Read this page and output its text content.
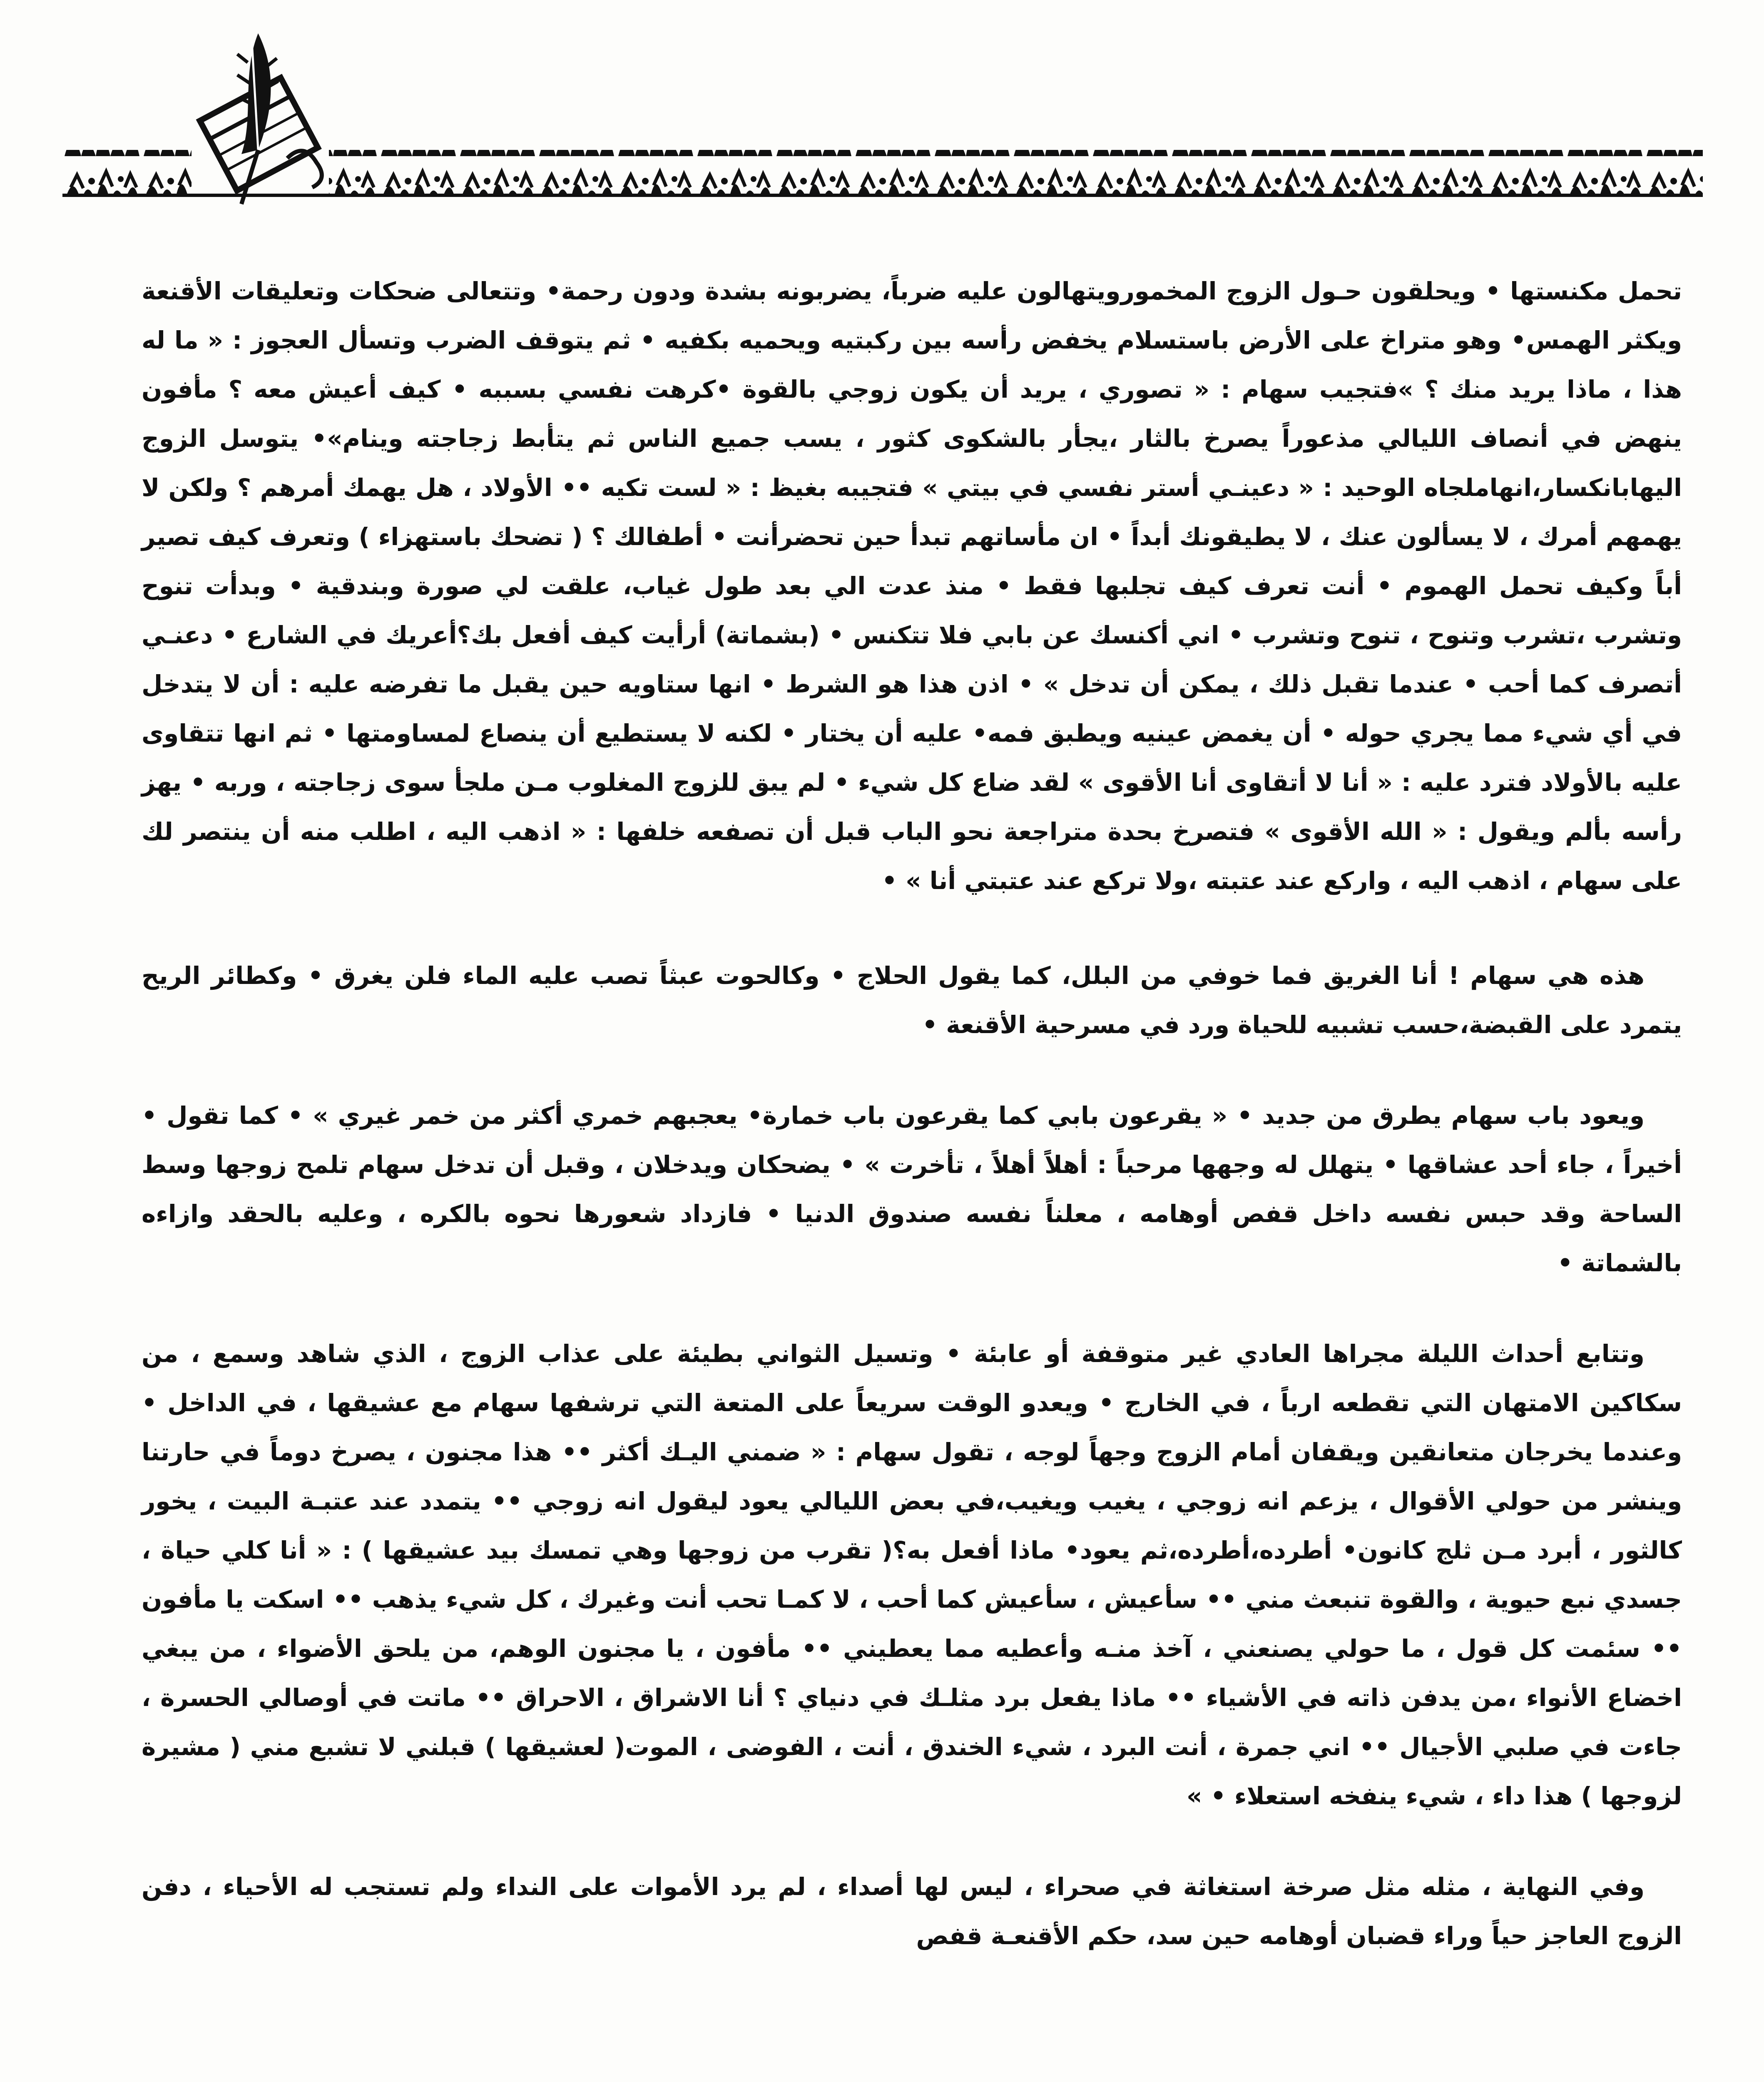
تحمل مكنستها • ويحلقون حـول الزوج المخمورويتهالون عليه ضرباً، يضربونه بشدة ودون رحمة• وتتعالى ضحكات وتعليقات الأقنعة ويكثر الهمس• وهو متراخ على الأرض باستسلام يخفض رأسه بين ركبتيه ويحميه بكفيه • ثم يتوقف الضرب وتسأل العجوز : « ما له هذا ، ماذا يريد منك ؟ »فتجيب سهام : « تصوري ، يريد أن يكون زوجي بالقوة •كرهت نفسي بسببه • كيف أعيش معه ؟ مأفون ينهض في أنصاف الليالي مذعوراً يصرخ بالثار ،يجأر بالشكوى كثور ، يسب جميع الناس ثم يتأبط زجاجته وينام»• يتوسل الزوج اليهابانكسار،انهاملجاه الوحيد : « دعينـي أستر نفسي في بيتي » فتجيبه بغيظ : « لست تكيه •• الأولاد ، هل يهمك أمرهم ؟ ولكن لا يهمهم أمرك ، لا يسألون عنك ، لا يطيقونك أبداً • ان مأساتهم تبدأ حين تحضرأنت • أطفالك ؟ ( تضحك باستهزاء ) وتعرف كيف تصير أباً وكيف تحمل الهموم • أنت تعرف كيف تجلبها فقط • منذ عدت الي بعد طول غياب، علقت لي صورة وبندقية • وبدأت تنوح وتشرب ،تشرب وتنوح ، تنوح وتشرب • اني أكنسك عن بابي فلا تتكنس • (بشماتة) أرأيت كيف أفعل بك؟أعريك في الشارع • دعنـي أتصرف كما أحب • عندما تقبل ذلك ، يمكن أن تدخل » • اذن هذا هو الشرط • انها ستاويه حين يقبل ما تفرضه عليه : أن لا يتدخل في أي شيء مما يجري حوله • أن يغمض عينيه ويطبق فمه• عليه أن يختار • لكنه لا يستطيع أن ينصاع لمساومتها • ثم انها تتقاوى عليه بالأولاد فترد عليه : « أنا لا أتقاوى أنا الأقوى » لقد ضاع كل شيء • لم يبق للزوج المغلوب مـن ملجأ سوى زجاجته ، وربه • يهز رأسه بألم ويقول : « الله الأقوى » فتصرخ بحدة متراجعة نحو الباب قبل أن تصفعه خلفها : « اذهب اليه ، اطلب منه أن ينتصر لك على سهام ، اذهب اليه ، واركع عند عتبته ،ولا تركع عند عتبتي أنا » •

هذه هي سهام ! أنا الغريق فما خوفي من البلل، كما يقول الحلاج • وكالحوت عبثاً تصب عليه الماء فلن يغرق • وكطائر الريح يتمرد على القبضة،حسب تشبيه للحياة ورد في مسرحية الأقنعة •

ويعود باب سهام يطرق من جديد • « يقرعون بابي كما يقرعون باب خمارة• يعجبهم خمري أكثر من خمر غيري » • كما تقول • أخيراً ، جاء أحد عشاقها • يتهلل له وجهها مرحباً : أهلاً أهلاً ، تأخرت » • يضحكان ويدخلان ، وقبل أن تدخل سهام تلمح زوجها وسط الساحة وقد حبس نفسه داخل قفص أوهامه ، معلناً نفسه صندوق الدنيا • فازداد شعورها نحوه بالكره ، وعليه بالحقد وازاءه بالشماتة •

وتتابع أحداث الليلة مجراها العادي غير متوقفة أو عابئة • وتسيل الثواني بطيئة على عذاب الزوج ، الذي شاهد وسمع ، من سكاكين الامتهان التي تقطعه ارباً ، في الخارج • ويعدو الوقت سريعاً على المتعة التي ترشفها سهام مع عشيقها ، في الداخل • وعندما يخرجان متعانقين ويقفان أمام الزوج وجهاً لوجه ، تقول سهام : « ضمني اليـك أكثر •• هذا مجنون ، يصرخ دوماً في حارتنا وينشر من حولي الأقوال ، يزعم انه زوجي ، يغيب ويغيب،في بعض الليالي يعود ليقول انه زوجي •• يتمدد عند عتبـة البيت ، يخور كالثور ، أبرد مـن ثلج كانون• أطرده،أطرده،ثم يعود• ماذا أفعل به؟( تقرب من زوجها وهي تمسك بيد عشيقها ) : « أنا كلي حياة ، جسدي نبع حيوية ، والقوة تنبعث مني •• سأعيش ، سأعيش كما أحب ، لا كمـا تحب أنت وغيرك ، كل شيء يذهب •• اسكت يا مأفون •• سئمت كل قول ، ما حولي يصنعني ، آخذ منـه وأعطيه مما يعطيني •• مأفون ، يا مجنون الوهم، من يلحق الأضواء ، من يبغي اخضاع الأنواء ،من يدفن ذاته في الأشياء •• ماذا يفعل برد مثلـك في دنياي ؟ أنا الاشراق ، الاحراق •• ماتت في أوصالي الحسرة ، جاءت في صلبي الأجيال •• اني جمرة ، أنت البرد ، شيء الخندق ، أنت ، الفوضى ، الموت( لعشيقها ) قبلني لا تشبع مني ( مشيرة لزوجها ) هذا داء ، شيء ينفخه استعلاء • »

وفي النهاية ، مثله مثل صرخة استغاثة في صحراء ، ليس لها أصداء ، لم يرد الأموات على النداء ولم تستجب له الأحياء ، دفن الزوج العاجز حياً وراء قضبان أوهامه حين سد، حكم الأقنعـة قفص
